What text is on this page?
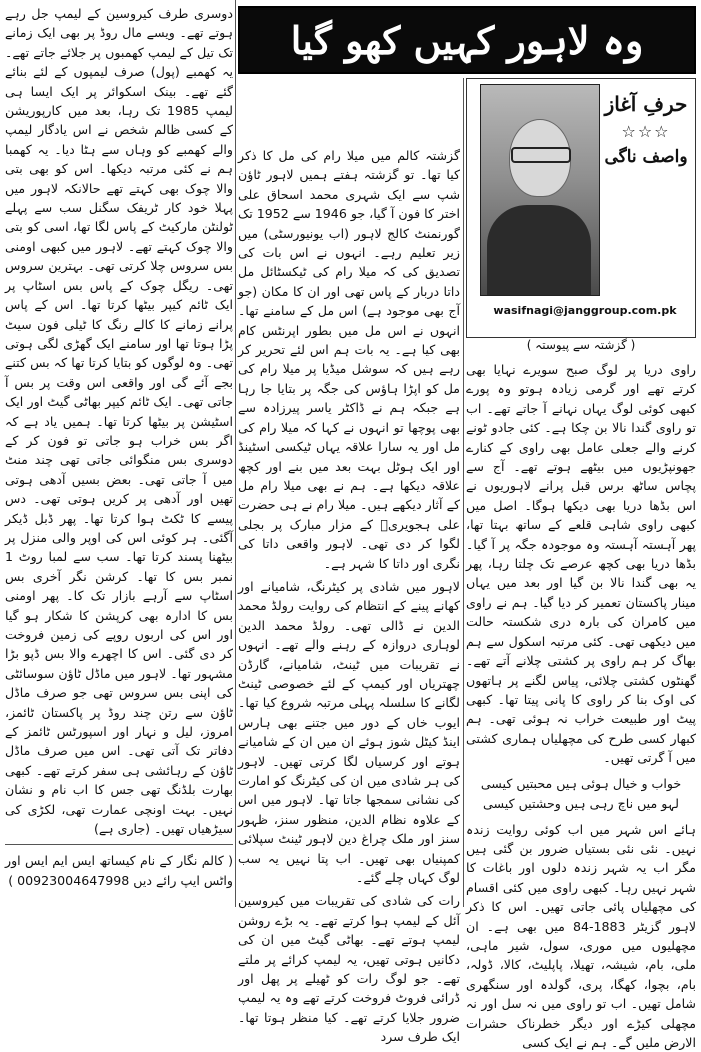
وہ لاہور کہیں کھو گیا
حرفِ آغاز
☆☆☆
واصف ناگی
wasifnagi@janggroup.com.pk
( گزشتہ سے پیوستہ )

راوی دریا پر لوگ صبح سویرے نہایا بھی کرتے تھے اور گرمی زیادہ ہوتو وہ پورے کبھی کوئی لوگ یہاں نہانے آ جاتے تھے۔ اب تو راوی گندا نالا بن چکا ہے۔ کئی جادو ٹونے کرنے والے جعلی عامل بھی راوی کے کنارے جھونپڑیوں میں بیٹھے ہوتے تھے۔ آج سے پچاس ساٹھ برس قبل پرانے لاہوریوں نے اس بڈھا دریا بھی دیکھا ہوگا۔ اصل میں کبھی راوی شاہی قلعے کے ساتھ بہتا تھا، پھر آہستہ آہستہ وہ موجودہ جگہ پر آ گیا۔ بڈھا دریا بھی کچھ عرصے تک چلتا رہا، پھر یہ بھی گندا نالا بن گیا اور بعد میں یہاں مینار پاکستان تعمیر کر دیا گیا۔ ہم نے راوی میں کامران کی بارہ دری شکستہ حالت میں دیکھی تھی۔ کئی مرتبہ اسکول سے ہم بھاگ کر ہم راوی پر کشتی چلانے آتے تھے۔ گھنٹوں کشتی چلائی، پیاس لگنے پر ہاتھوں کی اوک بنا کر راوی کا پانی پیتا تھا۔ کبھی پیٹ اور طبیعت خراب نہ ہوئی تھی۔ ہم کبھار کسی طرح کی مچھلیاں ہماری کشتی میں آ گرتی تھیں۔

خواب و خیال ہوئی ہیں محبتیں کیسی
لہو میں ناچ رہی ہیں وحشتیں کیسی

ہائے اس شہر میں اب کوئی روایت زندہ نہیں۔ نئی نئی بستیاں ضرور بن گئی ہیں مگر اب یہ شہر زندہ دلوں اور باغات کا شہر نہیں رہا۔ کبھی راوی میں کئی اقسام کی مچھلیاں پائی جاتی تھیں۔ اس کا ذکر لاہور گزیٹر 1883-84 میں بھی ہے۔ ان مچھلیوں میں موری، سول، شیر ماہی، ملی، بام، شیشہ، تھیلا، پاپلیٹ، کالا، ڈولہ، بام، بچوا، کھگا، پری، گولدہ اور سنگھری شامل تھیں۔ اب تو راوی میں نہ سل اور نہ مچھلی کیڑے اور دیگر خطرناک حشرات الارض ملیں گے۔ ہم نے ایک کسی

گزشتہ کالم میں میلا رام کی مل کا ذکر کیا تھا۔ تو گزشتہ ہفتے ہمیں لاہور ٹاؤن شپ سے ایک شہری محمد اسحاق علی اختر کا فون آ گیا، جو 1946 سے 1952 تک گورنمنٹ کالج لاہور (اب یونیورسٹی) میں زیر تعلیم رہے۔ انہوں نے اس بات کی تصدیق کی کہ میلا رام کی ٹیکسٹائل مل داتا دربار کے پاس تھی اور ان کا مکان (جو آج بھی موجود ہے) اس مل کے سامنے تھا۔ انہوں نے اس مل میں بطور اپرنٹس کام بھی کیا ہے۔ یہ بات ہم اس لئے تحریر کر رہے ہیں کہ سوشل میڈیا پر میلا رام کی مل کو اپڑا ہاؤس کی جگہ پر بتایا جا رہا ہے جبکہ ہم نے ڈاکٹر یاسر پیرزادہ سے بھی پوچھا تو انہوں نے کہا کہ میلا رام کی مل اور یہ سارا علاقہ یہاں ٹیکسی اسٹینڈ اور ایک ہوٹل بہت بعد میں بنے اور کچھ علاقہ دیکھا ہے۔ ہم نے بھی میلا رام مل کے آثار دیکھے ہیں۔ میلا رام نے ہی حضرت علی ہجویریؒ کے مزار مبارک پر بجلی لگوا کر دی تھی۔ لاہور واقعی داتا کی نگری اور داتا کا شہر ہے۔

لاہور میں شادی پر کیٹرنگ، شامیانے اور کھانے پینے کے انتظام کی روایت رولڈ محمد الدین نے ڈالی تھی۔ رولڈ محمد الدین لوہاری دروازہ کے رہنے والے تھے۔ انہوں نے تقریبات میں ٹینٹ، شامیانے، گارڈن چھتریاں اور کیمپ کے لئے خصوصی ٹینٹ لگانے کا سلسلہ پہلی مرتبہ شروع کیا تھا۔ ایوب خاں کے دور میں جتنے بھی ہارس اینڈ کیٹل شوز ہوئے ان میں ان کے شامیانے ہوتے اور کرسیاں لگا کرتی تھیں۔ لاہور کی ہر شادی میں ان کی کیٹرنگ کو امارت کی نشانی سمجھا جاتا تھا۔ لاہور میں اس کے علاوہ نظام الدین، منظور سنز، ظہور سنز اور ملک چراغ دین لاہور ٹینٹ سپلائی کمپنیاں بھی تھیں۔ اب پتا نہیں یہ سب لوگ کہاں چلے گئے۔

رات کی شادی کی تقریبات میں کیروسین آئل کے لیمپ ہوا کرتے تھے۔ یہ بڑے روشن لیمپ ہوتے تھے۔ بھاٹی گیٹ میں ان کی دکانیں ہوتی تھیں، یہ لیمپ کرائے پر ملتے تھے۔ جو لوگ رات کو ٹھیلے پر پھل اور ڈرائی فروٹ فروخت کرتے تھے وہ یہ لیمپ ضرور جلایا کرتے تھے۔ کیا منظر ہوتا تھا۔ ایک طرف سرد

دوسری طرف کیروسین کے لیمپ جل رہے ہوتے تھے۔ ویسے مال روڈ پر بھی ایک زمانے تک تیل کے لیمپ کھمبوں پر جلائے جاتے تھے۔ یہ کھمبے (پول) صرف لیمپوں کے لئے بنائے گئے تھے۔ بینک اسکوائر پر ایک ایسا ہی لیمپ 1985 تک رہا، بعد میں کارپوریشن کے کسی ظالم شخص نے اس یادگار لیمپ والے کھمبے کو وہاں سے ہٹا دیا۔ یہ کھمبا ہم نے کئی مرتبہ دیکھا۔ اس کو بھی بتی والا چوک بھی کہتے تھے حالانکہ لاہور میں پہلا خود کار ٹریفک سگنل سب سے پہلے ٹولنٹن مارکیٹ کے پاس لگا تھا، اسی کو بتی والا چوک کہتے تھے۔ لاہور میں کبھی اومنی بس سروس چلا کرتی تھی۔ بہترین سروس تھی۔ ریگل چوک کے پاس بس اسٹاپ پر ایک ٹائم کیپر بیٹھا کرتا تھا۔ اس کے پاس پرانے زمانے کا کالے رنگ کا ٹیلی فون سیٹ پڑا ہوتا تھا اور سامنے ایک گھڑی لگی ہوتی تھی۔ وہ لوگوں کو بتایا کرتا تھا کہ بس کتنے بجے آئے گی اور واقعی اس وقت پر بس آ جاتی تھی۔ ایک ٹائم کیپر بھاٹی گیٹ اور ایک اسٹیشن پر بیٹھا کرتا تھا۔ ہمیں یاد ہے کہ اگر بس خراب ہو جاتی تو فون کر کے دوسری بس منگوائی جاتی تھی چند منٹ میں آ جاتی تھی۔ بعض بسیں آدھی ہوتی تھیں اور آدھی پر کریں ہوتی تھی۔ دس پیسے کا ٹکٹ ہوا کرتا تھا۔ پھر ڈبل ڈیکر آگئی۔ ہر کوئی اس کی اوپر والی منزل پر بیٹھنا پسند کرتا تھا۔ سب سے لمبا روٹ 1 نمبر بس کا تھا۔ کرشن نگر آخری بس اسٹاپ سے آرہے بازار تک کا۔ پھر اومنی بس کا ادارہ بھی کرپشن کا شکار ہو گیا اور اس کی اربوں روپے کی زمین فروخت کر دی گئی۔ اس کا اچھرے والا بس ڈپو بڑا مشہور تھا۔ لاہور میں ماڈل ٹاؤن سوسائٹی کی اپنی بس سروس تھی جو صرف ماڈل ٹاؤن سے رتن چند روڈ پر پاکستان ٹائمز، امروز، لیل و نہار اور اسپورٹس ٹائمز کے دفاتر تک آتی تھی۔ اس میں صرف ماڈل ٹاؤن کے رہائشی ہی سفر کرتے تھے۔ کبھی بھارت بلڈنگ تھی جس کا اب نام و نشان نہیں۔ بہت اونچی عمارت تھی، لکڑی کی سیڑھیاں تھیں۔ (جاری ہے)

( کالم نگار کے نام کیساتھ ایس ایم ایس اور واٹس ایپ رائے دیں 00923004647998 )
